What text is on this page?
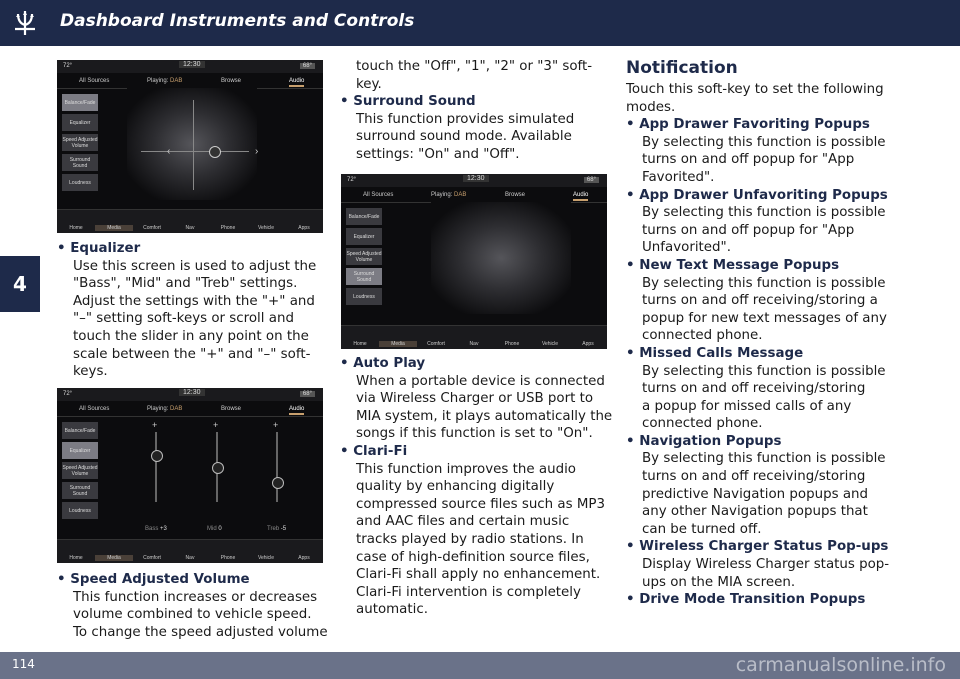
Dashboard Instruments and Controls
4
72°	12:30	68°
All Sources	Playing: DAB	Browse	Audio
Balance/Fade
Equalizer
Speed Adjusted Volume
Surround Sound
Loudness
‹	›
Home	Media	Comfort	Nav	Phone	Vehicle	Apps
• Equalizer
Use this screen is used to adjust the
"Bass", "Mid" and "Treb" settings.
Adjust the settings with the "+" and
"–" setting soft-keys or scroll and
touch the slider in any point on the
scale between the "+" and "–" soft-
keys.
72°	12:30	68°
All Sources	Playing: DAB	Browse	Audio
Balance/Fade
Equalizer
Speed Adjusted Volume
Surround Sound
Loudness
+	+	+
Bass +3	Mid 0	Treb -5
Home	Media	Comfort	Nav	Phone	Vehicle	Apps
• Speed Adjusted Volume
This function increases or decreases
volume combined to vehicle speed.
To change the speed adjusted volume
touch the "Off", "1", "2" or "3" soft-
key.
• Surround Sound
This function provides simulated
surround sound mode. Available
settings: "On" and "Off".
72°	12:30	68°
All Sources	Playing: DAB	Browse	Audio
Balance/Fade
Equalizer
Speed Adjusted Volume
Surround Sound
Loudness
Home	Media	Comfort	Nav	Phone	Vehicle	Apps
• Auto Play
When a portable device is connected
via Wireless Charger or USB port to
MIA system, it plays automatically the
songs if this function is set to "On".
• Clari-Fi
This function improves the audio
quality by enhancing digitally
compressed source files such as MP3
and AAC files and certain music
tracks played by radio stations. In
case of high-definition source files,
Clari-Fi shall apply no enhancement.
Clari-Fi intervention is completely
automatic.
Notification
Touch this soft-key to set the following
modes.
• App Drawer Favoriting Popups
By selecting this function is possible
turns on and off popup for "App
Favorited".
• App Drawer Unfavoriting Popups
By selecting this function is possible
turns on and off popup for "App
Unfavorited".
• New Text Message Popups
By selecting this function is possible
turns on and off receiving/storing a
popup for new text messages of any
connected phone.
• Missed Calls Message
By selecting this function is possible
turns on and off receiving/storing
a popup for missed calls of any
connected phone.
• Navigation Popups
By selecting this function is possible
turns on and off receiving/storing
predictive Navigation popups and
any other Navigation popups that
can be turned off.
• Wireless Charger Status Pop-ups
Display Wireless Charger status pop-
ups on the MIA screen.
• Drive Mode Transition Popups
114	carmanualsonline.info
